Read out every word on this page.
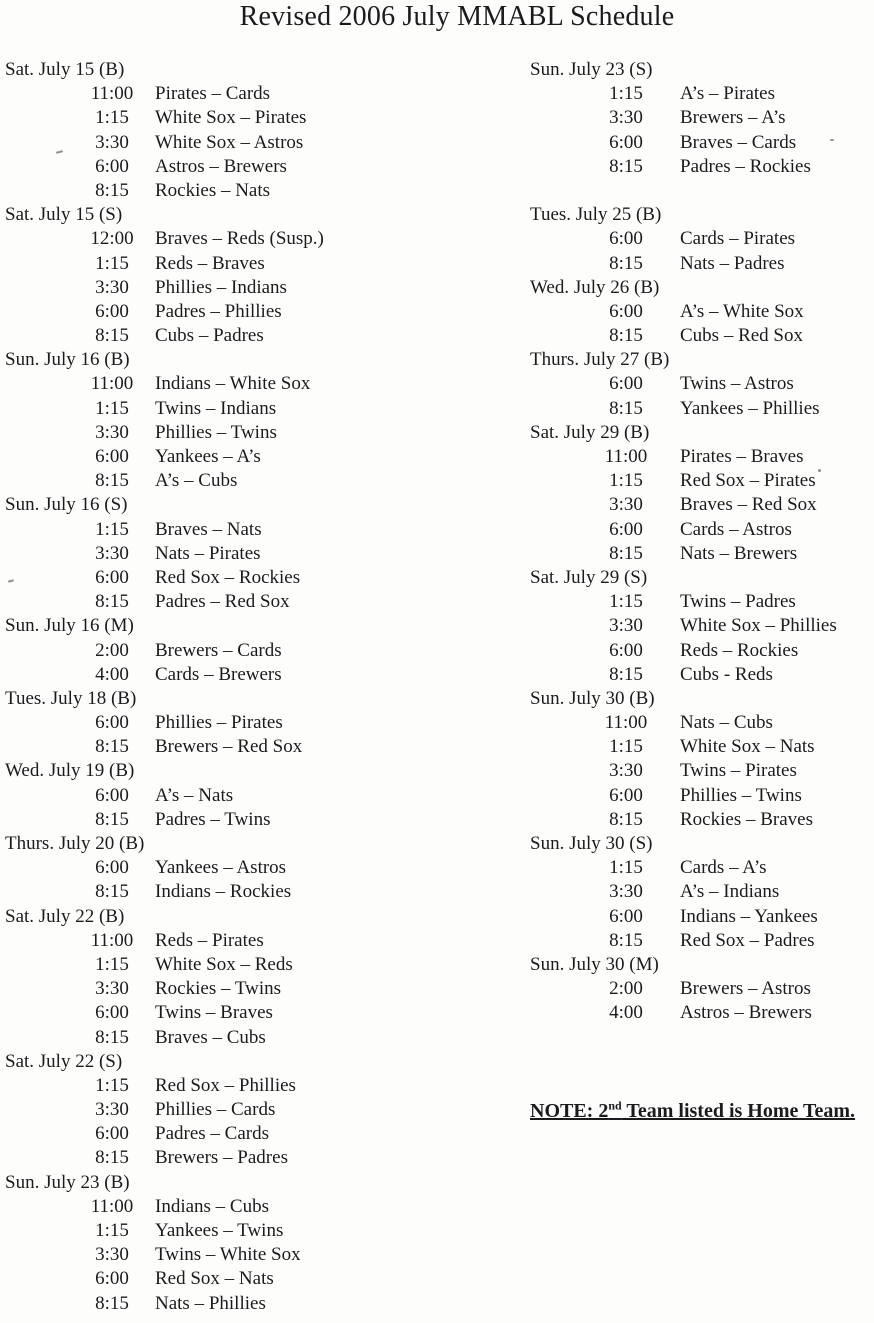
Revised 2006 July MMABL Schedule
Sat. July 15 (B)
11:00	Pirates – Cards
1:15	White Sox – Pirates
3:30	White Sox – Astros
6:00	Astros – Brewers
8:15	Rockies – Nats
Sat. July 15 (S)
12:00	Braves – Reds (Susp.)
1:15	Reds – Braves
3:30	Phillies – Indians
6:00	Padres – Phillies
8:15	Cubs – Padres
Sun. July 16 (B)
11:00	Indians – White Sox
1:15	Twins – Indians
3:30	Phillies – Twins
6:00	Yankees – A’s
8:15	A’s – Cubs
Sun. July 16 (S)
1:15	Braves – Nats
3:30	Nats – Pirates
6:00	Red Sox – Rockies
8:15	Padres – Red Sox
Sun. July 16 (M)
2:00	Brewers – Cards
4:00	Cards – Brewers
Tues. July 18 (B)
6:00	Phillies – Pirates
8:15	Brewers – Red Sox
Wed. July 19 (B)
6:00	A’s – Nats
8:15	Padres – Twins
Thurs. July 20 (B)
6:00	Yankees – Astros
8:15	Indians – Rockies
Sat. July 22 (B)
11:00	Reds – Pirates
1:15	White Sox – Reds
3:30	Rockies – Twins
6:00	Twins – Braves
8:15	Braves – Cubs
Sat. July 22 (S)
1:15	Red Sox – Phillies
3:30	Phillies – Cards
6:00	Padres – Cards
8:15	Brewers – Padres
Sun. July 23 (B)
11:00	Indians – Cubs
1:15	Yankees – Twins
3:30	Twins – White Sox
6:00	Red Sox – Nats
8:15	Nats – Phillies
Sun. July 23 (S)
1:15	A’s – Pirates
3:30	Brewers – A’s
6:00	Braves – Cards
8:15	Padres – Rockies
Tues. July 25 (B)
6:00	Cards – Pirates
8:15	Nats – Padres
Wed. July 26 (B)
6:00	A’s – White Sox
8:15	Cubs – Red Sox
Thurs. July 27 (B)
6:00	Twins – Astros
8:15	Yankees – Phillies
Sat. July 29 (B)
11:00	Pirates – Braves
1:15	Red Sox – Pirates
3:30	Braves – Red Sox
6:00	Cards – Astros
8:15	Nats – Brewers
Sat. July 29 (S)
1:15	Twins – Padres
3:30	White Sox – Phillies
6:00	Reds – Rockies
8:15	Cubs - Reds
Sun. July 30 (B)
11:00	Nats – Cubs
1:15	White Sox – Nats
3:30	Twins – Pirates
6:00	Phillies – Twins
8:15	Rockies – Braves
Sun. July 30 (S)
1:15	Cards – A’s
3:30	A’s – Indians
6:00	Indians – Yankees
8:15	Red Sox – Padres
Sun. July 30 (M)
2:00	Brewers – Astros
4:00	Astros – Brewers
NOTE: 2nd Team listed is Home Team.
